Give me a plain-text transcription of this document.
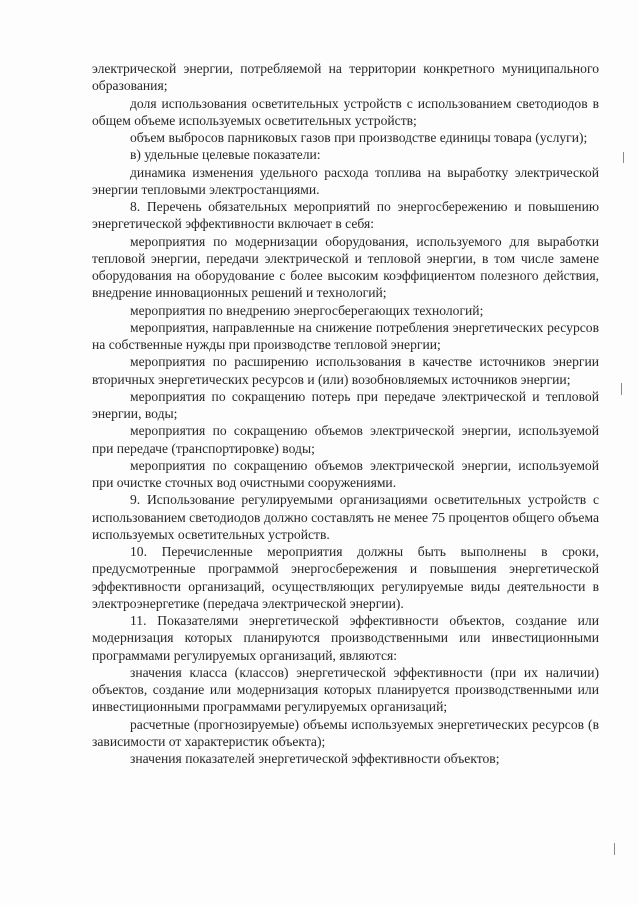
электрической энергии, потребляемой на территории конкретного муниципального образования;

доля использования осветительных устройств с использованием светодиодов в общем объеме используемых осветительных устройств;

объем выбросов парниковых газов при производстве единицы товара (услуги);

в) удельные целевые показатели:

динамика изменения удельного расхода топлива на выработку электрической энергии тепловыми электростанциями.

8. Перечень обязательных мероприятий по энергосбережению и повышению энергетической эффективности включает в себя:

мероприятия по модернизации оборудования, используемого для выработки тепловой энергии, передачи электрической и тепловой энергии, в том числе замене оборудования на оборудование с более высоким коэффициентом полезного действия, внедрение инновационных решений и технологий;

мероприятия по внедрению энергосберегающих технологий;

мероприятия, направленные на снижение потребления энергетических ресурсов на собственные нужды при производстве тепловой энергии;

мероприятия по расширению использования в качестве источников энергии вторичных энергетических ресурсов и (или) возобновляемых источников энергии;

мероприятия по сокращению потерь при передаче электрической и тепловой энергии, воды;

мероприятия по сокращению объемов электрической энергии, используемой при передаче (транспортировке) воды;

мероприятия по сокращению объемов электрической энергии, используемой при очистке сточных вод очистными сооружениями.

9. Использование регулируемыми организациями осветительных устройств с использованием светодиодов должно составлять не менее 75 процентов общего объема используемых осветительных устройств.

10. Перечисленные мероприятия должны быть выполнены в сроки, предусмотренные программой энергосбережения и повышения энергетической эффективности организаций, осуществляющих регулируемые виды деятельности в электроэнергетике (передача электрической энергии).

11. Показателями энергетической эффективности объектов, создание или модернизация которых планируются производственными или инвестиционными программами регулируемых организаций, являются:

значения класса (классов) энергетической эффективности (при их наличии) объектов, создание или модернизация которых планируется производственными или инвестиционными программами регулируемых организаций;

расчетные (прогнозируемые) объемы используемых энергетических ресурсов (в зависимости от характеристик объекта);

значения показателей энергетической эффективности объектов;
